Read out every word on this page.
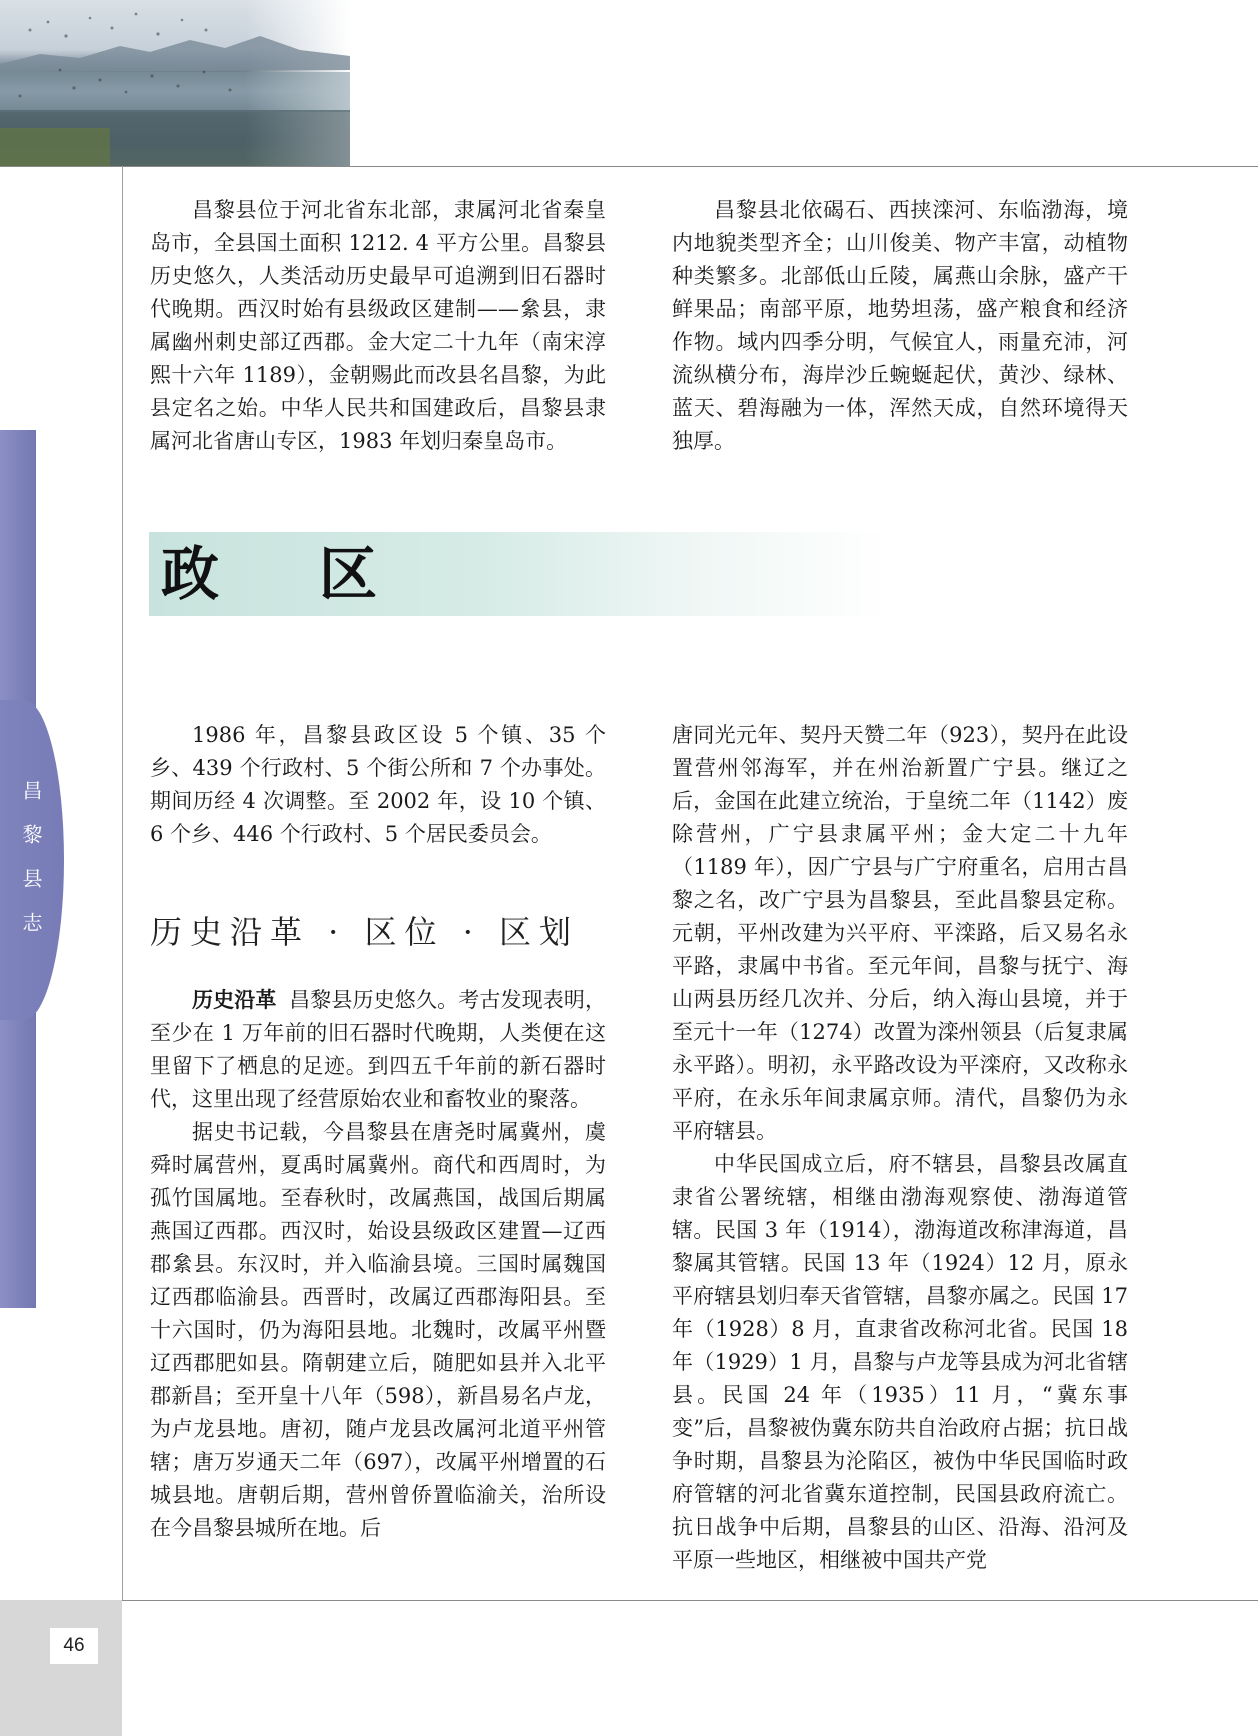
昌黎县志

昌黎县位于河北省东北部，隶属河北省秦皇岛市，全县国土面积 1212. 4 平方公里。昌黎县历史悠久，人类活动历史最早可追溯到旧石器时代晚期。西汉时始有县级政区建制——絫县，隶属幽州刺史部辽西郡。金大定二十九年（南宋淳熙十六年 1189），金朝赐此而改县名昌黎，为此县定名之始。中华人民共和国建政后，昌黎县隶属河北省唐山专区，1983 年划归秦皇岛市。

昌黎县北依碣石、西挟滦河、东临渤海，境内地貌类型齐全；山川俊美、物产丰富，动植物种类繁多。北部低山丘陵，属燕山余脉，盛产干鲜果品；南部平原，地势坦荡，盛产粮食和经济作物。域内四季分明，气候宜人，雨量充沛，河流纵横分布，海岸沙丘蜿蜒起伏，黄沙、绿林、蓝天、碧海融为一体，浑然天成，自然环境得天独厚。

政 区

1986 年，昌黎县政区设 5 个镇、35 个乡、439 个行政村、5 个街公所和 7 个办事处。期间历经 4 次调整。至 2002 年，设 10 个镇、6 个乡、446 个行政村、5 个居民委员会。

历史沿革 昌黎县历史悠久。考古发现表明，至少在 1 万年前的旧石器时代晚期，人类便在这里留下了栖息的足迹。到四五千年前的新石器时代，这里出现了经营原始农业和畜牧业的聚落。

据史书记载，今昌黎县在唐尧时属冀州，虞舜时属营州，夏禹时属冀州。商代和西周时，为孤竹国属地。至春秋时，改属燕国，战国后期属燕国辽西郡。西汉时，始设县级政区建置—辽西郡絫县。东汉时，并入临渝县境。三国时属魏国辽西郡临渝县。西晋时，改属辽西郡海阳县。至十六国时，仍为海阳县地。北魏时，改属平州暨辽西郡肥如县。隋朝建立后，随肥如县并入北平郡新昌；至开皇十八年（598），新昌易名卢龙，为卢龙县地。唐初，随卢龙县改属河北道平州管辖；唐万岁通天二年（697），改属平州增置的石城县地。唐朝后期，营州曾侨置临渝关，治所设在今昌黎县城所在地。后

历史沿革 · 区位 · 区划

唐同光元年、契丹天赞二年（923），契丹在此设置营州邻海军，并在州治新置广宁县。继辽之后，金国在此建立统治，于皇统二年（1142）废除营州，广宁县隶属平州；金大定二十九年（1189 年），因广宁县与广宁府重名，启用古昌黎之名，改广宁县为昌黎县，至此昌黎县定称。元朝，平州改建为兴平府、平滦路，后又易名永平路，隶属中书省。至元年间，昌黎与抚宁、海山两县历经几次并、分后，纳入海山县境，并于至元十一年（1274）改置为滦州领县（后复隶属永平路）。明初，永平路改设为平滦府，又改称永平府，在永乐年间隶属京师。清代，昌黎仍为永平府辖县。

中华民国成立后，府不辖县，昌黎县改属直隶省公署统辖，相继由渤海观察使、渤海道管辖。民国 3 年（1914），渤海道改称津海道，昌黎属其管辖。民国 13 年（1924）12 月，原永平府辖县划归奉天省管辖，昌黎亦属之。民国 17 年（1928）8 月，直隶省改称河北省。民国 18 年（1929）1 月，昌黎与卢龙等县成为河北省辖县。民国 24 年（1935）11 月，“冀东事变”后，昌黎被伪冀东防共自治政府占据；抗日战争时期，昌黎县为沦陷区，被伪中华民国临时政府管辖的河北省冀东道控制，民国县政府流亡。抗日战争中后期，昌黎县的山区、沿海、沿河及平原一些地区，相继被中国共产党

46
